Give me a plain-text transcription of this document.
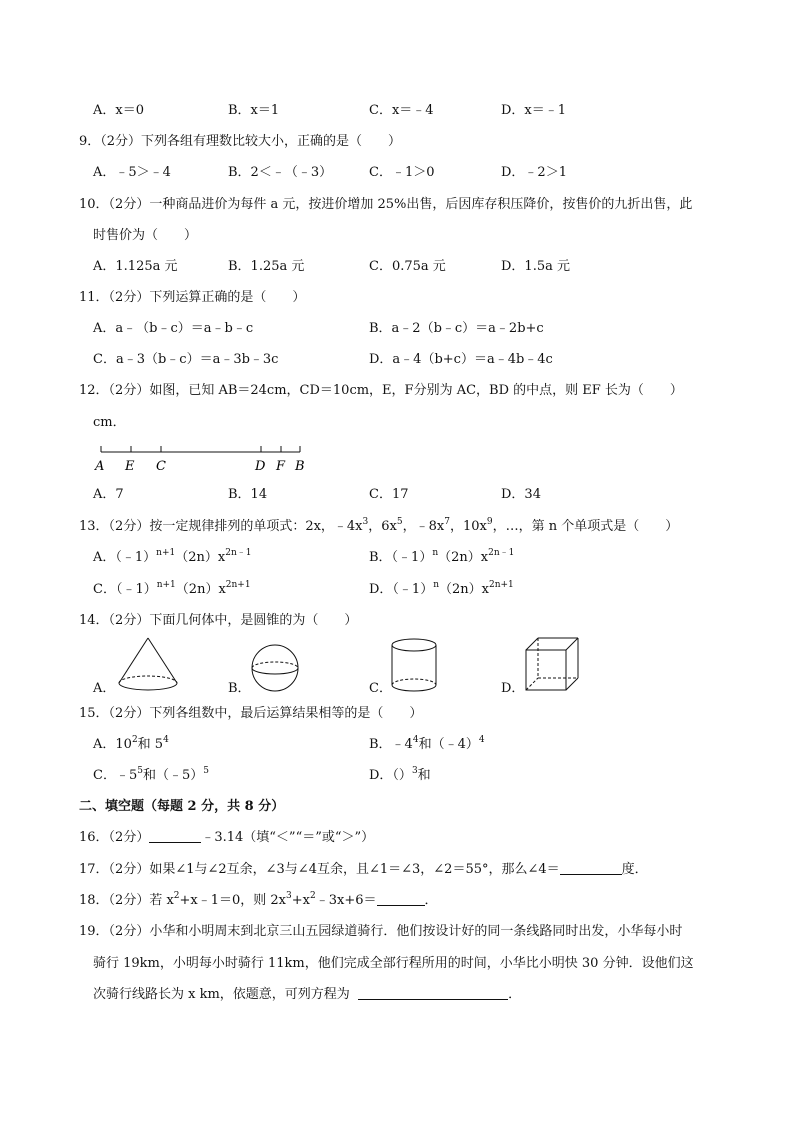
A．x＝0	B．x＝1	C．x＝﹣4	D．x＝﹣1
9．（2分）下列各组有理数比较大小，正确的是（　　）
A．﹣5＞﹣4	B．2＜﹣（﹣3）	C．﹣1＞0	D．﹣2＞1
10．（2分）一种商品进价为每件 a 元，按进价增加 25%出售，后因库存积压降价，按售价的九折出售，此
时售价为（　　）
A．1.125a 元	B．1.25a 元	C．0.75a 元	D．1.5a 元
11．（2分）下列运算正确的是（　　）
A．a﹣（b﹣c）＝a﹣b﹣c	B．a﹣2（b﹣c）＝a﹣2b+c
C．a﹣3（b﹣c）＝a﹣3b﹣3c	D．a﹣4（b+c）＝a﹣4b﹣4c
12．（2分）如图，已知 AB＝24cm，CD＝10cm，E，F分别为 AC，BD 的中点，则 EF 长为（　　）
cm．
A E C	D F B
A．7	B．14	C．17	D．34
13．（2分）按一定规律排列的单项式：2x，$﹣4x^3$，$6x^5$，$﹣8x^7$，$10x^9$，…，第 n 个单项式是（　　）
A．$(﹣1)^{n+1}(2n)x^{2n﹣1}$	B．$(﹣1)^n(2n)x^{2n﹣1}$
C．$(﹣1)^{n+1}(2n)x^{2n+1}$	D．$(﹣1)^n(2n)x^{2n+1}$
14．（2分）下面几何体中，是圆锥的为（　　）
A．	B．	C．	D．
15．（2分）下列各组数中，最后运算结果相等的是（　　）
A．$10^2$和 $5^4$	B．$﹣4^4$和（﹣4）$^4$
C．$﹣5^5$和（﹣5）$^5$	D．（）$^3$和
二、填空题（每题 2 分，共 8 分）
16．（2分）	﹣3.14（填“＜”“＝”或“＞”）
17．（2分）如果∠1与∠2互余，∠3与∠4互余，且∠1＝∠3，∠2＝55°，那么∠4＝	度．
18．（2分）若 $x^2+x﹣1=0$，则 $2x^3+x^2﹣3x+6=$	．
19．（2分）小华和小明周末到北京三山五园绿道骑行．他们按设计好的同一条线路同时出发，小华每小时
骑行 19km，小明每小时骑行 11km，他们完成全部行程所用的时间，小华比小明快 30 分钟．设他们这
次骑行线路长为 x km，依题意，可列方程为	．
